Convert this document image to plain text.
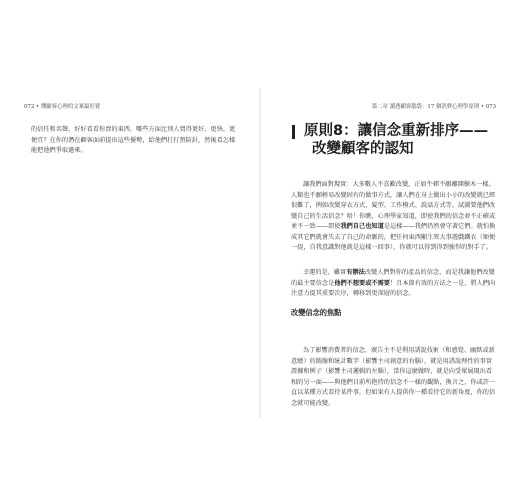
072 • 懂顧客心理的文案最好賣

的信任和名聲，好好看看你賣的東西，哪些方面比別人賣得更好、更快、更便宜？在你的潛在顧客面前提出這些優勢，給他們打打預防針，然後看怎樣能把他們爭取過來。

第二章 讀透顧客腦袋：17 個消費心理學原則 • 073
原則8：讓信念重新排序——
改變顧客的認知

讓我們面對現實：大多數人不喜歡改變，正如牛頓不願離開樹木一樣。人類也不願輕易改變固有的做事方式，讓人們在身上做出小小的改變就已經很難了，例如改變穿衣方式、髮型、工作模式、說話方式等。試圖要他們改變自己的生活信念？唔！你瞧，心理學家知道，即使我們的信念並不正確或並不一致——即使我們自己也知道是這樣——我們仍然會守著它們。就怕換成其它們就會失去了自己的命脈的，把任何東西顯生死大事遊戲鐵衣（順便一提，自我意識對他就是這樣一回事），你就可以得到得到強悍的對手了。

幸運的是，雖實有辦法改變人們對你的產品的信念，而是我讓他們改變的最主要信念是他們不想要或不需要！且本節有效的方法之一是，將人們向注意力提其重要次序，轉移到更深層的信念。

改變信念的焦點

為了影響消費者的信念，廣告主不是利用誘說技術（和感覺、幽默或新意總）的圖像和統計數字（影響主司創意的右腦），就是用誘說理性的事實證據和例子（影響主司邏輯的左腦），當你這麼做時，就是向受眾展現出看相的另一面——與他們目前所抱持的信念不一樣的觀點，換言之，你或許一直以某種方式看待某件事，但如果有人提供你一種看待它的新角度，你的信念就可能改變。
